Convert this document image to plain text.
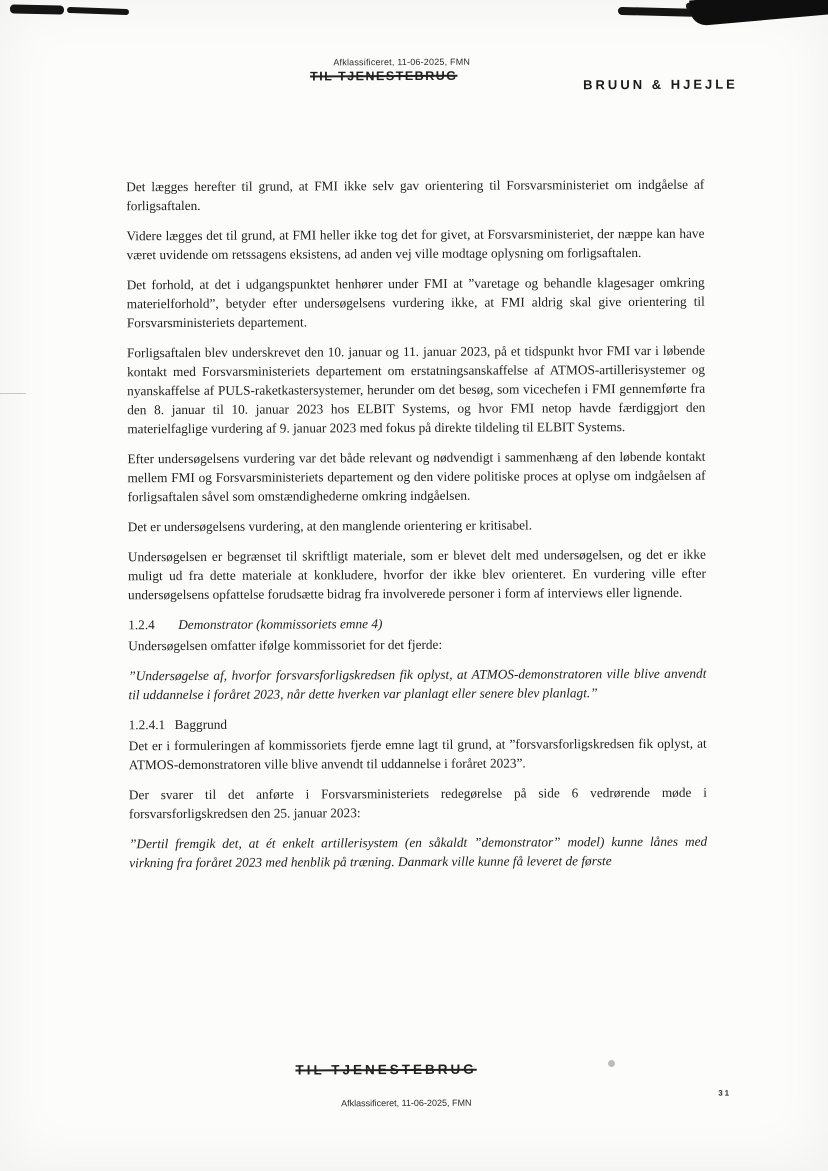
Afklassificeret, 11-06-2025, FMN
TIL TJENESTEBRUG
BRUUN & HJEJLE

Det lægges herefter til grund, at FMI ikke selv gav orientering til Forsvarsministeriet om indgåelse af forligsaftalen.

Videre lægges det til grund, at FMI heller ikke tog det for givet, at Forsvarsministeriet, der næppe kan have været uvidende om retssagens eksistens, ad anden vej ville modtage oplysning om forligsaftalen.

Det forhold, at det i udgangspunktet henhører under FMI at ”varetage og behandle klagesager omkring materielforhold”, betyder efter undersøgelsens vurdering ikke, at FMI aldrig skal give orientering til Forsvarsministeriets departement.

Forligsaftalen blev underskrevet den 10. januar og 11. januar 2023, på et tidspunkt hvor FMI var i løbende kontakt med Forsvarsministeriets departement om erstatningsanskaffelse af ATMOS-artillerisystemer og nyanskaffelse af PULS-raketkastersystemer, herunder om det besøg, som vicechefen i FMI gennemførte fra den 8. januar til 10. januar 2023 hos ELBIT Systems, og hvor FMI netop havde færdiggjort den materielfaglige vurdering af 9. januar 2023 med fokus på direkte tildeling til ELBIT Systems.

Efter undersøgelsens vurdering var det både relevant og nødvendigt i sammenhæng af den løbende kontakt mellem FMI og Forsvarsministeriets departement og den videre politiske proces at oplyse om indgåelsen af forligsaftalen såvel som omstændighederne omkring indgåelsen.

Det er undersøgelsens vurdering, at den manglende orientering er kritisabel.

Undersøgelsen er begrænset til skriftligt materiale, som er blevet delt med undersøgelsen, og det er ikke muligt ud fra dette materiale at konkludere, hvorfor der ikke blev orienteret. En vurdering ville efter undersøgelsens opfattelse forudsætte bidrag fra involverede personer i form af interviews eller lignende.

1.2.4 Demonstrator (kommissoriets emne 4)

Undersøgelsen omfatter ifølge kommissoriet for det fjerde:

”Undersøgelse af, hvorfor forsvarsforligskredsen fik oplyst, at ATMOS-demonstratoren ville blive anvendt til uddannelse i foråret 2023, når dette hverken var planlagt eller senere blev planlagt.”

1.2.4.1 Baggrund

Det er i formuleringen af kommissoriets fjerde emne lagt til grund, at ”forsvarsforligskredsen fik oplyst, at ATMOS-demonstratoren ville blive anvendt til uddannelse i foråret 2023”.

Der svarer til det anførte i Forsvarsministeriets redegørelse på side 6 vedrørende møde i forsvarsforligskredsen den 25. januar 2023:

”Dertil fremgik det, at ét enkelt artillerisystem (en såkaldt ”demonstrator” model) kunne lånes med virkning fra foråret 2023 med henblik på træning. Danmark ville kunne få leveret de første

TIL TJENESTEBRUG
Afklassificeret, 11-06-2025, FMN
31
